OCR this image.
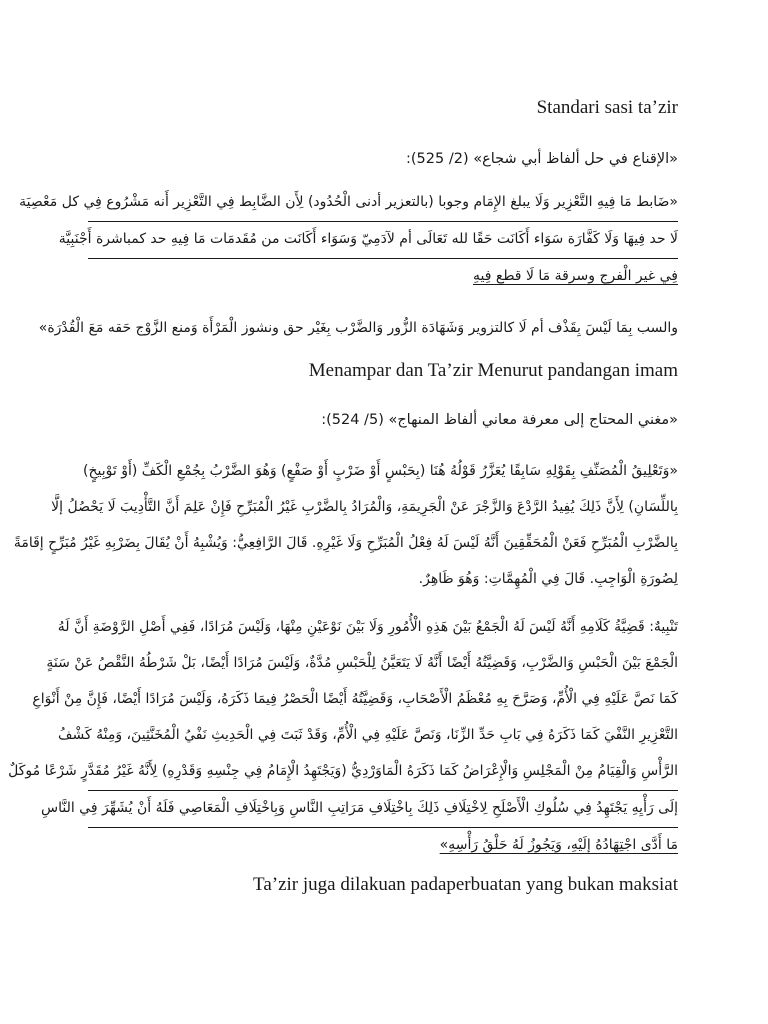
Standari sasi ta’zir
«الإقناع في حل ألفاظ أبي شجاع» (2/ 525):
«ضَابط مَا فِيهِ التَّعْزِير وَلَا يبلغ الإِمَام وجوبا (بالتعزير أدنى الْحُدُود) لِأَن الضَّابِط فِي التَّعْزِير أَنه مَشْرُوع فِي كل مَعْصِيَة
لَا حد فِيهَا وَلَا كَفَّارَة سَوَاء أَكَانَت حَقًا لله تَعَالَى أم لآدَمِيّ وَسَوَاء أَكَانَت من مُقَدمَات مَا فِيهِ حد كمباشرة أَجْنَبِيَّة
فِي غير الْفرج وسرقة مَا لَا قطع فِيهِ
والسب بِمَا لَيْسَ بِقَذْف أم لَا كالتزوير وَشَهَادَة الزُّور وَالضَّرْب بِغَيْر حق ونشوز الْمَرْأَة وَمنع الزَّوْج حَقه مَعَ الْقُدْرَة»
Menampar dan Ta’zir Menurut pandangan imam
«مغني المحتاج إلى معرفة معاني ألفاظ المنهاج» (5/ 524):
«وَتَعْلِيقُ الْمُصَنِّفِ بِقَوْلِهِ سَابِقًا يُعَزَّرُ قَوْلُهُ هُنَا (بِحَبْسٍ أَوْ ضَرْبٍ أَوْ صَفْعٍ) وَهُوَ الضَّرْبُ بِجُمْعِ الْكَفِّ (أَوْ تَوْبِيخٍ)
بِاللِّسَانِ) لِأَنَّ ذَلِكَ يُفِيدُ الرَّدْعَ وَالزَّجْرَ عَنْ الْجَرِيمَةِ، وَالْمُرَادُ بِالضَّرْبِ غَيْرُ الْمُبَرِّحِ فَإِنْ عَلِمَ أَنَّ التَّأْدِيبَ لَا يَحْصُلُ إلَّا
بِالضَّرْبِ الْمُبَرِّحِ فَعَنْ الْمُحَقِّقِينَ أَنَّهُ لَيْسَ لَهُ فِعْلُ الْمُبَرِّحِ وَلَا غَيْرِهِ. قَالَ الرَّافِعِيُّ: وَيُشْبِهُ أَنْ يُقَالَ بِضَرْبِهِ غَيْرُ مُبَرِّحٍ إقَامَةً
لِصُورَةِ الْوَاجِبِ. قَالَ فِي الْمُهِمَّاتِ: وَهُوَ ظَاهِرٌ.
تَنْبِيهٌ: قَضِيَّةُ كَلَامِهِ أَنَّهُ لَيْسَ لَهُ الْجَمْعُ بَيْنَ هَذِهِ الْأُمُورِ وَلَا بَيْنَ نَوْعَيْنِ مِنْهَا، وَلَيْسَ مُرَادًا، فَفِي أَصْلِ الرَّوْضَةِ أَنَّ لَهُ
الْجَمْعَ بَيْنَ الْحَبْسِ وَالضَّرْبِ، وَقَضِيَّتُهُ أَيْضًا أَنَّهُ لَا يَتَعَيَّنُ لِلْحَبْسِ مُدَّةٌ، وَلَيْسَ مُرَادًا أَيْضًا، بَلْ شَرْطُهُ النَّقْصُ عَنْ سَنَةٍ
كَمَا نَصَّ عَلَيْهِ فِي الْأُمِّ، وَصَرَّحَ بِهِ مُعْظَمُ الْأَصْحَابِ، وَقَضِيَّتُهُ أَيْضًا الْحَصْرُ فِيمَا ذَكَرَهُ، وَلَيْسَ مُرَادًا أَيْضًا، فَإِنَّ مِنْ أَنْوَاعِ
التَّعْزِيرِ النَّفْيَ كَمَا ذَكَرَهُ فِي بَابِ حَدِّ الزِّنَا، وَنَصَّ عَلَيْهِ فِي الْأُمِّ، وَقَدْ ثَبَتَ فِي الْحَدِيثِ نَفْيُ الْمُخَنَّثِينَ، وَمِنْهُ كَشْفُ
الرَّأْسِ وَالْقِيَامُ مِنْ الْمَجْلِسِ وَالْإِعْرَاضُ كَمَا ذَكَرَهُ الْمَاوَرْدِيُّ (وَيَجْتَهِدُ الْإِمَامُ فِي جِنْسِهِ وَقَدْرِهِ) لِأَنَّهُ غَيْرُ مُقَدَّرٍ شَرْعًا مُوكَلٌ
إلَى رَأْيِهِ يَجْتَهِدُ فِي سُلُوكِ الْأَصْلَحِ لِاخْتِلَافِ ذَلِكَ بِاخْتِلَافِ مَرَاتِبِ النَّاسِ وَبِاخْتِلَافِ الْمَعَاصِي فَلَهُ أَنْ يُشَهِّرَ فِي النَّاسِ
مَا أَدَّى اجْتِهَادُهُ إلَيْهِ، وَيَجُوزُ لَهُ حَلْقُ رَأْسِهِ»
Ta’zir juga dilakuan padaperbuatan yang bukan maksiat
